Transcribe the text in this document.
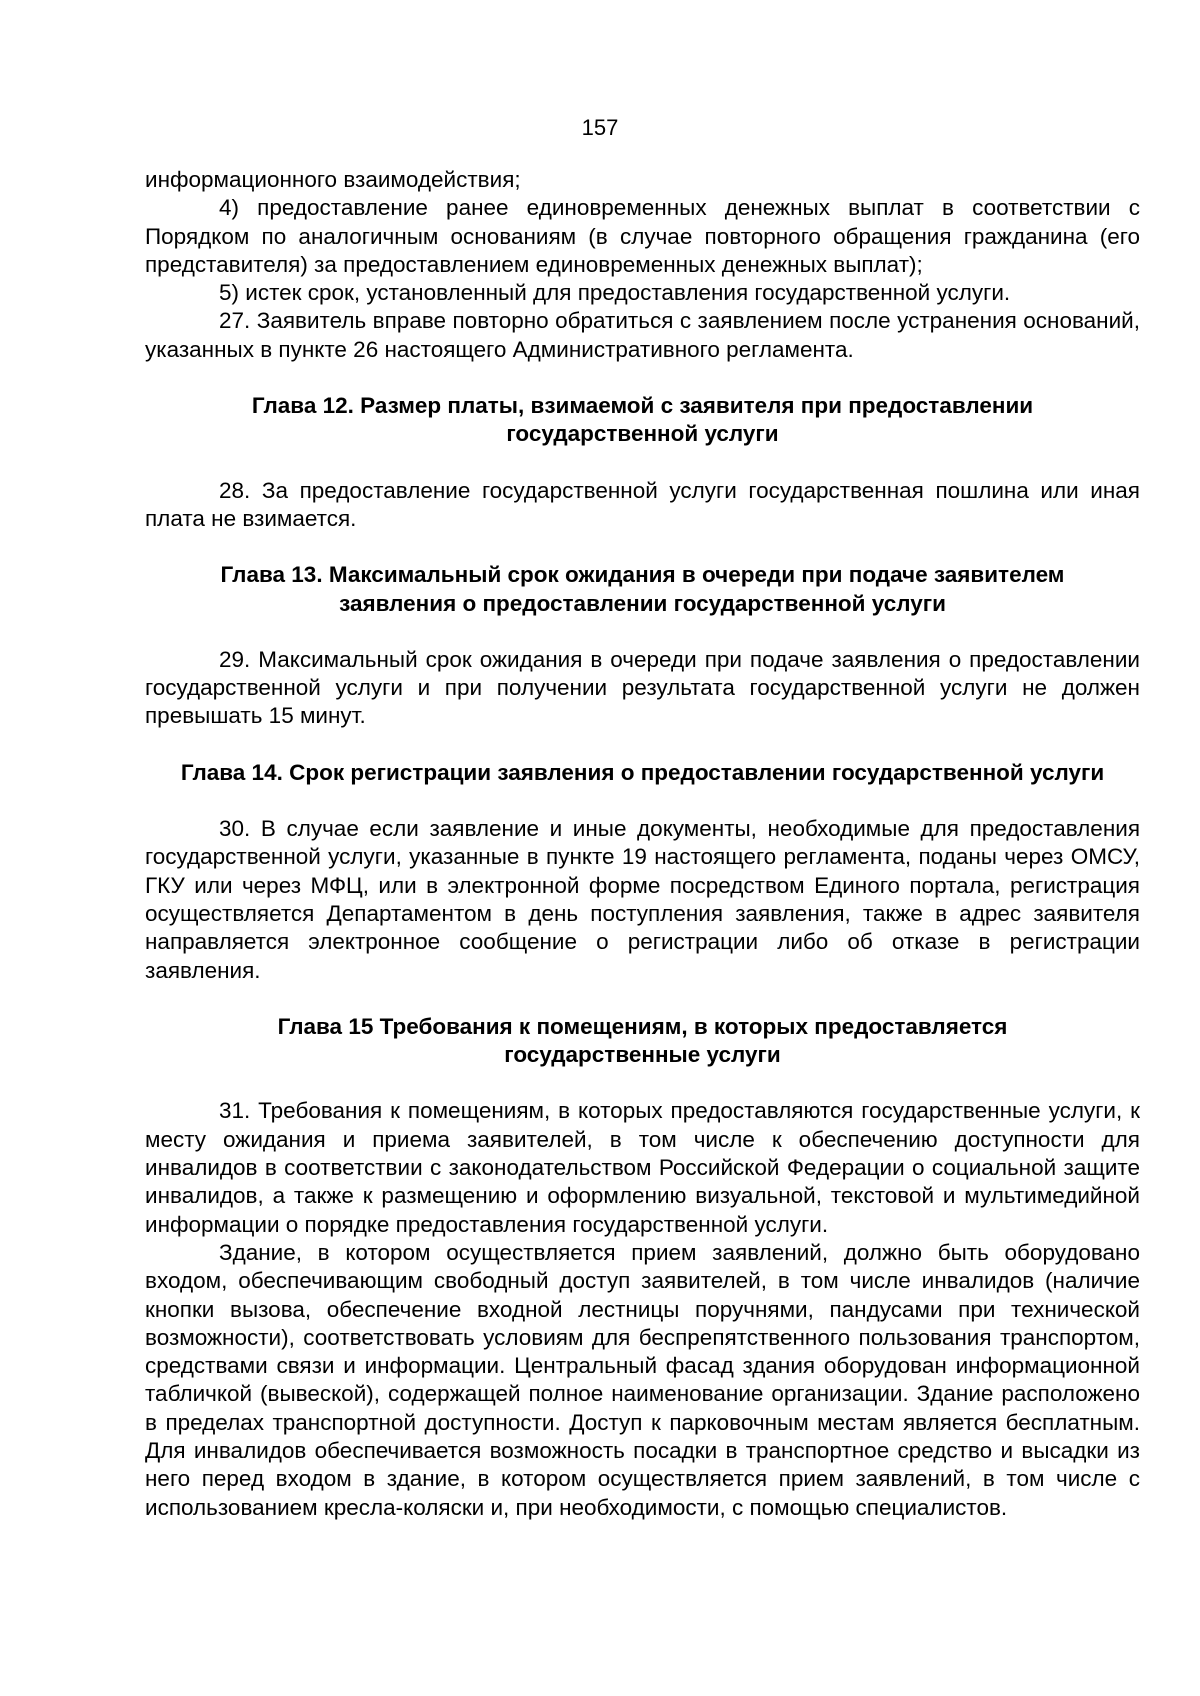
157

информационного взаимодействия;

4) предоставление ранее единовременных денежных выплат в соответствии с Порядком по аналогичным основаниям (в случае повторного обращения гражданина (его представителя) за предоставлением единовременных денежных выплат);

5) истек срок, установленный для предоставления государственной услуги.

27. Заявитель вправе повторно обратиться с заявлением после устранения оснований, указанных в пункте 26 настоящего Административного регламента.

Глава 12. Размер платы, взимаемой с заявителя при предоставлении

государственной услуги

28. За предоставление государственной услуги государственная пошлина или иная плата не взимается.

Глава 13. Максимальный срок ожидания в очереди при подаче заявителем

заявления о предоставлении государственной услуги

29. Максимальный срок ожидания в очереди при подаче заявления о предоставлении государственной услуги и при получении результата государственной услуги не должен превышать 15 минут.

Глава 14. Срок регистрации заявления о предоставлении государственной услуги

30. В случае если заявление и иные документы, необходимые для предоставления государственной услуги, указанные в пункте 19 настоящего регламента, поданы через ОМСУ, ГКУ или через МФЦ, или в электронной форме посредством Единого портала, регистрация осуществляется Департаментом в день поступления заявления, также в адрес заявителя направляется электронное сообщение о регистрации либо об отказе в регистрации заявления.

Глава 15 Требования к помещениям, в которых предоставляется

государственные услуги

31. Требования к помещениям, в которых предоставляются государственные услуги, к месту ожидания и приема заявителей, в том числе к обеспечению доступности для инвалидов в соответствии с законодательством Российской Федерации о социальной защите инвалидов, а также к размещению и оформлению визуальной, текстовой и мультимедийной информации о порядке предоставления государственной услуги.

Здание, в котором осуществляется прием заявлений, должно быть оборудовано входом, обеспечивающим свободный доступ заявителей, в том числе инвалидов (наличие кнопки вызова, обеспечение входной лестницы поручнями, пандусами при технической возможности), соответствовать условиям для беспрепятственного пользования транспортом, средствами связи и информации. Центральный фасад здания оборудован информационной табличкой (вывеской), содержащей полное наименование организации. Здание расположено в пределах транспортной доступности. Доступ к парковочным местам является бесплатным. Для инвалидов обеспечивается возможность посадки в транспортное средство и высадки из него перед входом в здание, в котором осуществляется прием заявлений, в том числе с использованием кресла-коляски и, при необходимости, с помощью специалистов.
